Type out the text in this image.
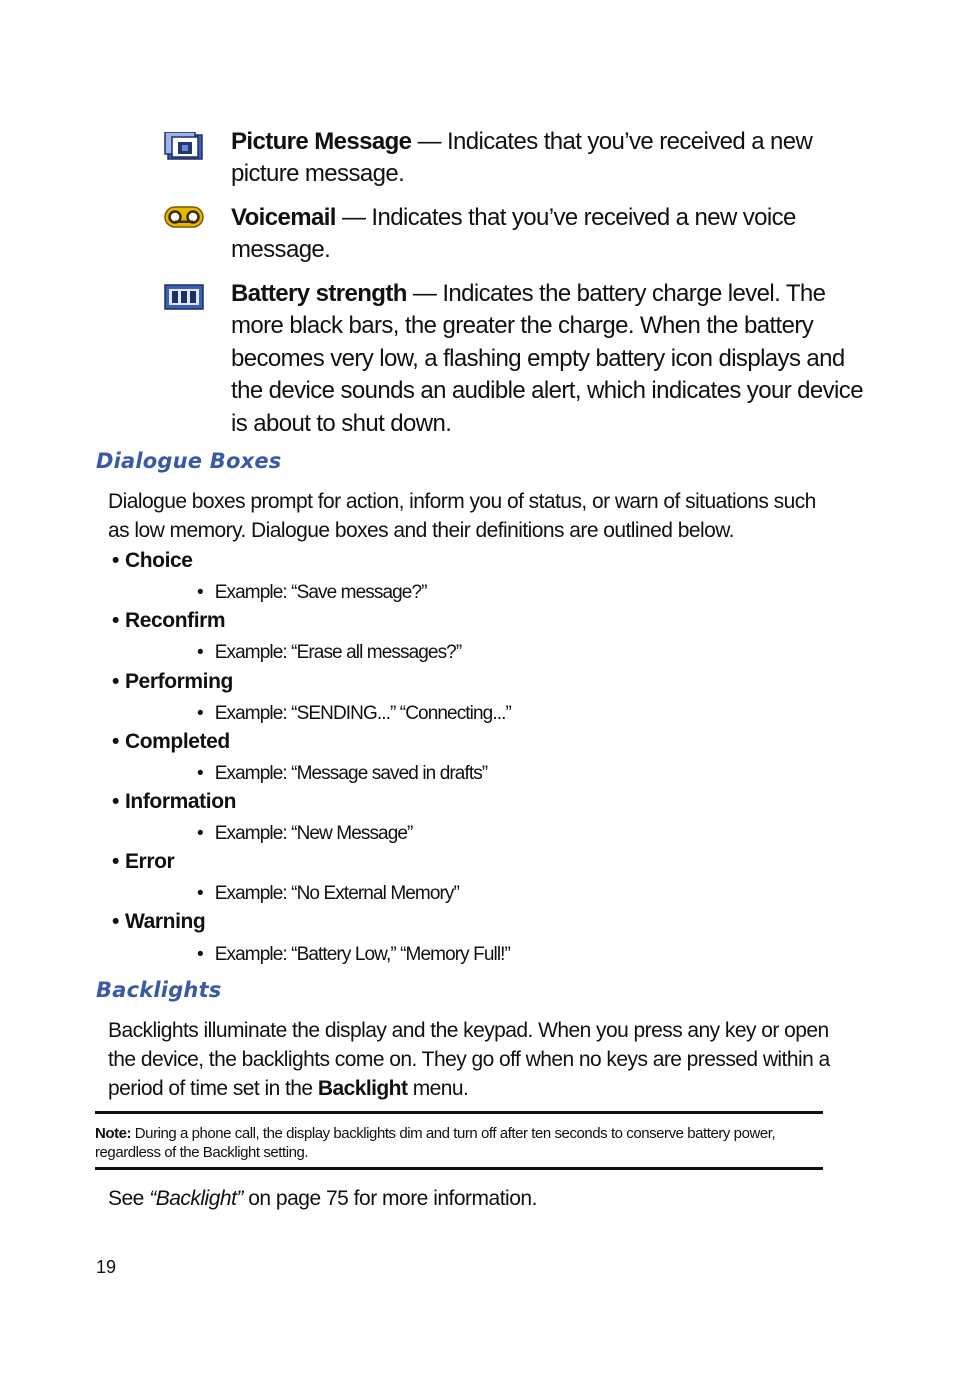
Picture Message — Indicates that you’ve received a new picture message.
Voicemail — Indicates that you’ve received a new voice message.
Battery strength — Indicates the battery charge level. The more black bars, the greater the charge. When the battery becomes very low, a flashing empty battery icon displays and the device sounds an audible alert, which indicates your device is about to shut down.
Dialogue Boxes
Dialogue boxes prompt for action, inform you of status, or warn of situations such as low memory. Dialogue boxes and their definitions are outlined below.
• Choice
• Example: “Save message?”
• Reconfirm
• Example: “Erase all messages?”
• Performing
• Example: “SENDING...” “Connecting...”
• Completed
• Example: “Message saved in drafts”
• Information
• Example: “New Message”
• Error
• Example: “No External Memory”
• Warning
• Example: “Battery Low,” “Memory Full!”
Backlights
Backlights illuminate the display and the keypad. When you press any key or open the device, the backlights come on. They go off when no keys are pressed within a period of time set in the Backlight menu.
Note: During a phone call, the display backlights dim and turn off after ten seconds to conserve battery power, regardless of the Backlight setting.
See “Backlight” on page 75 for more information.
19
